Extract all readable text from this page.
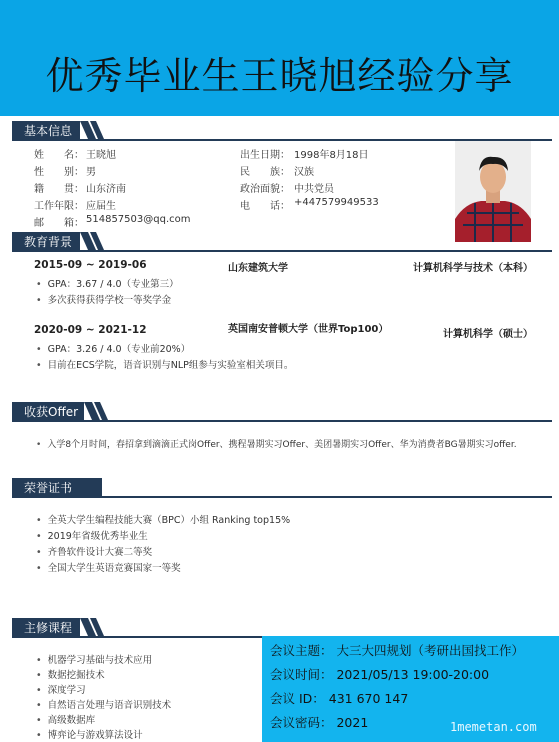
优秀毕业生王晓旭经验分享
基本信息
姓　　名： 王晓旭
性　　别： 男
籍　　贯： 山东济南
工作年限： 应届生
邮　　箱： 514857503@qq.com
出生日期： 1998年8月18日
民　　族： 汉族
政治面貌： 中共党员
电　　话： +447579949533
教育背景
2015-09 ~ 2019-06	山东建筑大学	计算机科学与技术（本科）
• GPA：3.67 / 4.0（专业第三）
• 多次获得获得学校一等奖学金
2020-09 ~ 2021-12	英国南安普顿大学（世界Top100）	计算机科学（硕士）
• GPA：3.26 / 4.0（专业前20%）
• 目前在ECS学院，语音识别与NLP组参与实验室相关项目。
收获Offer
• 入学8个月时间，春招拿到滴滴正式岗Offer、携程暑期实习Offer、美团暑期实习Offer、华为消费者BG暑期实习offer.
荣誉证书
• 全英大学生编程技能大赛（BPC）小组 Ranking top15%
• 2019年省级优秀毕业生
• 齐鲁软件设计大赛二等奖
• 全国大学生英语竞赛国家一等奖
主修课程
• 机器学习基础与技术应用
• 数据挖掘技术
• 深度学习
• 自然语言处理与语音识别技术
• 高级数据库
• 博弈论与游戏算法设计
会议主题： 大三大四规划（考研出国找工作）
会议时间： 2021/05/13 19:00-20:00
会议 ID： 431 670 147
会议密码： 2021	1memetan.com
